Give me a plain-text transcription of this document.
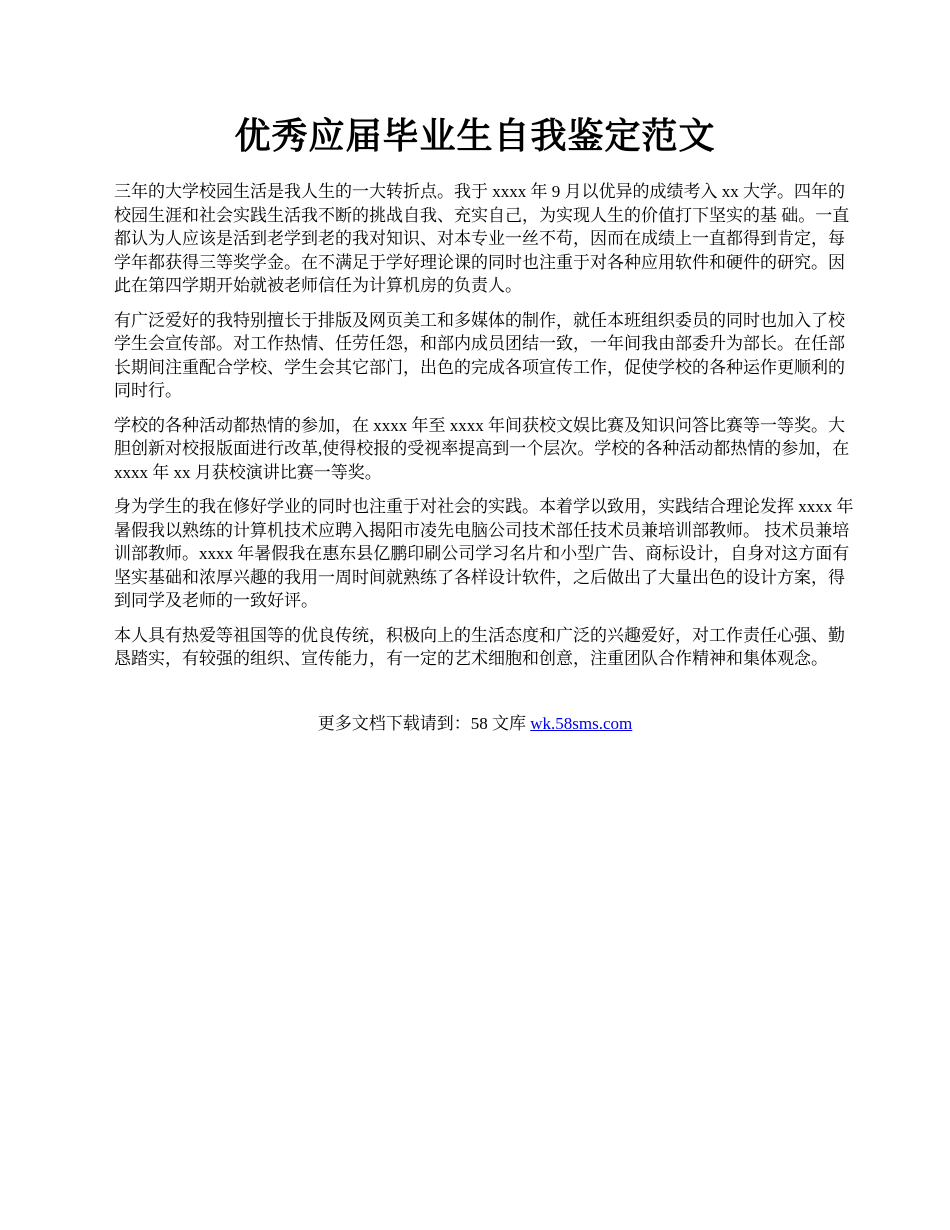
优秀应届毕业生自我鉴定范文

三年的大学校园生活是我人生的一大转折点。我于 xxxx 年 9 月以优异的成绩考入 xx 大学。四年的校园生涯和社会实践生活我不断的挑战自我、充实自己，为实现人生的价值打下坚实的基 础。一直都认为人应该是活到老学到老的我对知识、对本专业一丝不苟，因而在成绩上一直都得到肯定，每学年都获得三等奖学金。在不满足于学好理论课的同时也注重于对各种应用软件和硬件的研究。因此在第四学期开始就被老师信任为计算机房的负责人。

有广泛爱好的我特别擅长于排版及网页美工和多媒体的制作，就任本班组织委员的同时也加入了校学生会宣传部。对工作热情、任劳任怨，和部内成员团结一致，一年间我由部委升为部长。在任部长期间注重配合学校、学生会其它部门，出色的完成各项宣传工作，促使学校的各种运作更顺利的同时行。

学校的各种活动都热情的参加，在 xxxx 年至 xxxx 年间获校文娱比赛及知识问答比赛等一等奖。大胆创新对校报版面进行改革,使得校报的受视率提高到一个层次。学校的各种活动都热情的参加，在 xxxx 年 xx 月获校演讲比赛一等奖。

身为学生的我在修好学业的同时也注重于对社会的实践。本着学以致用，实践结合理论发挥 xxxx 年暑假我以熟练的计算机技术应聘入揭阳市凌先电脑公司技术部任技术员兼培训部教师。 技术员兼培训部教师。xxxx 年暑假我在惠东县亿鹏印刷公司学习名片和小型广告、商标设计，自身对这方面有坚实基础和浓厚兴趣的我用一周时间就熟练了各样设计软件，之后做出了大量出色的设计方案，得到同学及老师的一致好评。

本人具有热爱等祖国等的优良传统，积极向上的生活态度和广泛的兴趣爱好，对工作责任心强、勤恳踏实，有较强的组织、宣传能力，有一定的艺术细胞和创意，注重团队合作精神和集体观念。

更多文档下载请到：58 文库 wk.58sms.com
